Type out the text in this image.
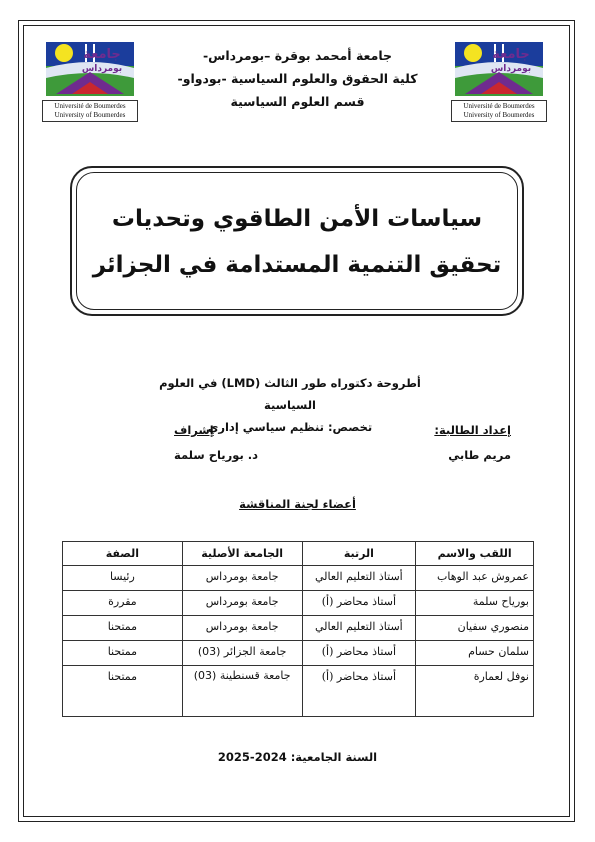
جامعة
بومرداس
Université de Boumerdes
University of Boumerdes
جامعة
بومرداس
Université de Boumerdes
University of Boumerdes
جامعة أمحمد بوقرة –بومرداس-
كلية الحقوق والعلوم السياسية -بودواو-
قسم العلوم السياسية
سياسات الأمن الطاقوي وتحديات
تحقيق التنمية المستدامة في الجزائر
أطروحة دكتوراه طور الثالث (LMD) في العلوم السياسية
تخصص: تنظيم سياسي إداري	إعداد الطالبة:
مريم طابي
إشراف
د. بورياح سلمة
أعضاء لجنة المناقشة
اللقب والاسم	الرتبة	الجامعة الأصلية	الصفة
عمروش عبد الوهاب	أستاذ التعليم العالي	جامعة بومرداس	رئيسا
بورياح سلمة	أستاذ محاضر (أ)	جامعة بومرداس	مقررة
منصوري سفيان	أستاذ التعليم العالي	جامعة بومرداس	ممتحنا
سلمان حسام	أستاذ محاضر (أ)	جامعة الجزائر (03)	ممتحنا
نوفل لعمارة	أستاذ محاضر (أ)	جامعة قسنطينة (03)	ممتحنا
السنة الجامعية: 2024-2025
